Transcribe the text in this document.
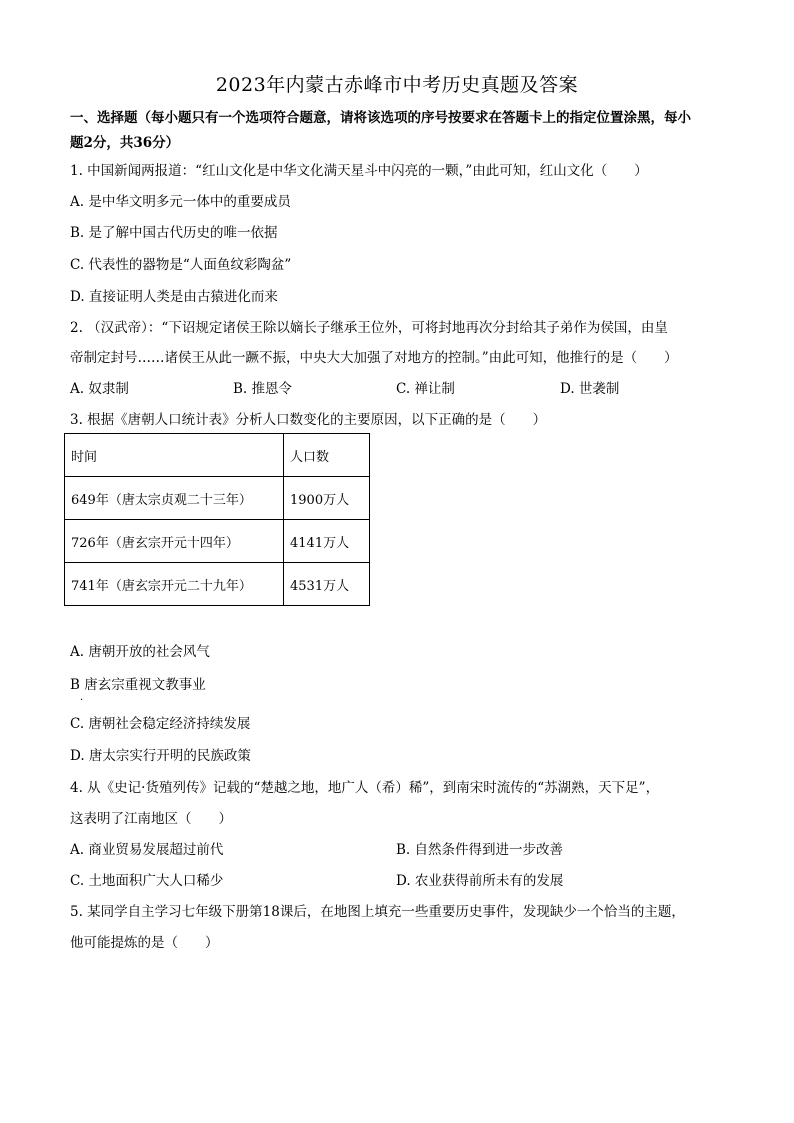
2023年内蒙古赤峰市中考历史真题及答案
一、选择题（每小题只有一个选项符合题意，请将该选项的序号按要求在答题卡上的指定位置涂黑，每小
题2分，共36分）
1. 中国新闻两报道：“红山文化是中华文化满天星斗中闪亮的一颗，”由此可知，红山文化（　　）
A. 是中华文明多元一体中的重要成员
B. 是了解中国古代历史的唯一依据
C. 代表性的器物是“人面鱼纹彩陶盆”
D. 直接证明人类是由古猿进化而来
2. （汉武帝）：“下诏规定诸侯王除以嫡长子继承王位外，可将封地再次分封给其子弟作为侯国，由皇
帝制定封号……诸侯王从此一蹶不振，中央大大加强了对地方的控制。”由此可知，他推行的是（　　）
A. 奴隶制	B. 推恩令	C. 禅让制	D. 世袭制
3. 根据《唐朝人口统计表》分析人口数变化的主要原因，以下正确的是（　　）
时间	人口数
649年（唐太宗贞观二十三年）	1900万人
726年（唐玄宗开元十四年）	4141万人
741年（唐玄宗开元二十九年）	4531万人
A. 唐朝开放的社会风气
B 唐玄宗重视文教事业
·
C. 唐朝社会稳定经济持续发展
D. 唐太宗实行开明的民族政策
4. 从《史记·货殖列传》记载的“楚越之地，地广人（希）稀”，到南宋时流传的“苏湖熟，天下足”，
这表明了江南地区（　　）
A. 商业贸易发展超过前代	B. 自然条件得到进一步改善
C. 土地面积广大人口稀少	D. 农业获得前所未有的发展
5. 某同学自主学习七年级下册第18课后，在地图上填充一些重要历史事件，发现缺少一个恰当的主题，
他可能提炼的是（　　）
